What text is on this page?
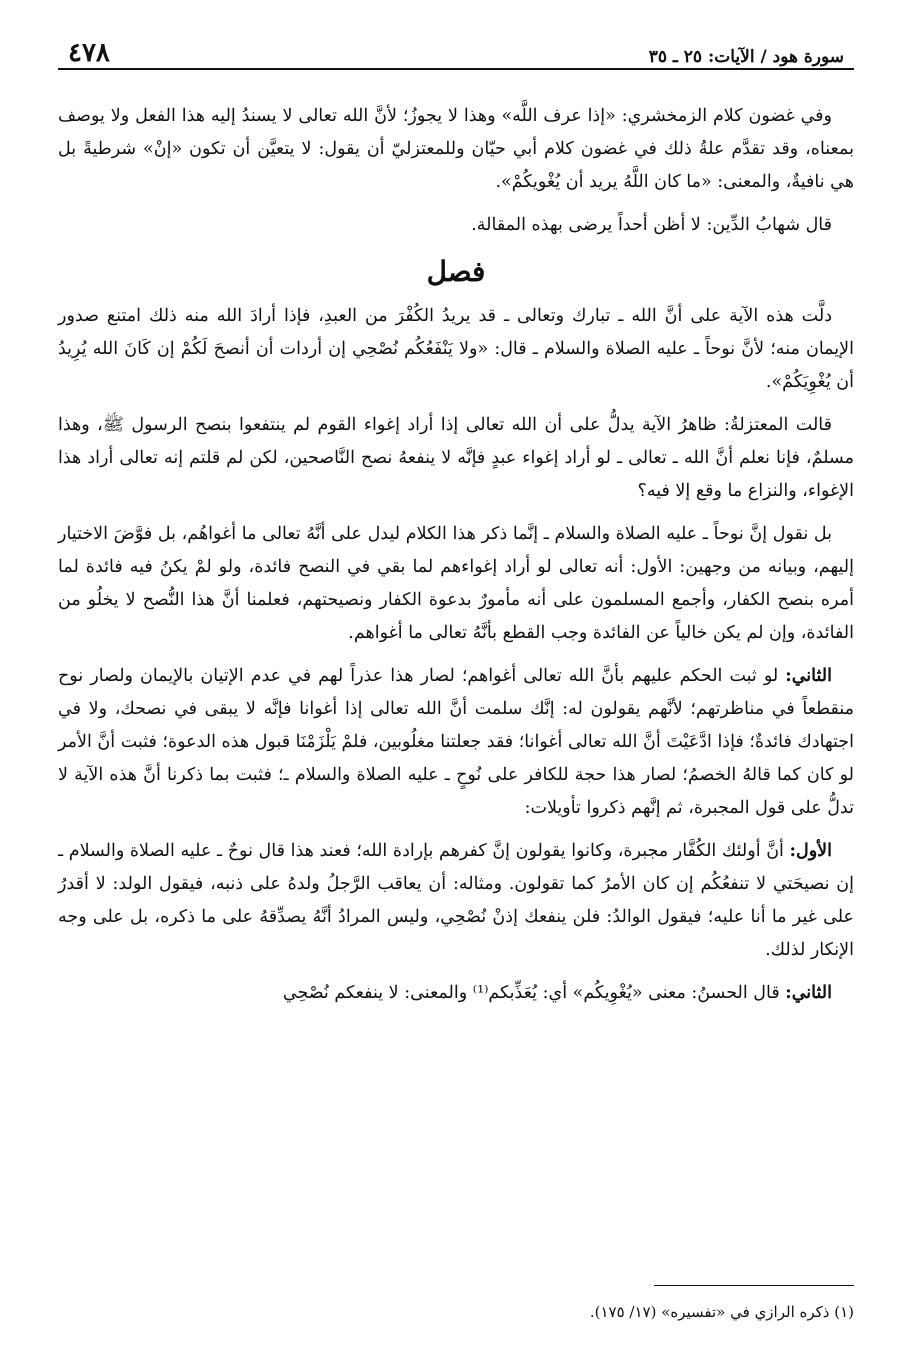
سورة هود / الآيات: ٢٥ ـ ٣٥
٤٧٨

وفي غضون كلام الزمخشري: «إذا عرف اللَّه» وهذا لا يجوزُ؛ لأنَّ الله تعالى لا يسندُ إليه هذا الفعل ولا يوصف بمعناه، وقد تقدَّم علةُ ذلك في غضون كلام أبي حيّان وللمعتزليّ أن يقول: لا يتعيَّن أن تكون «إنْ» شرطيةً بل هي نافيةٌ، والمعنى: «ما كان اللَّهُ يريد أن يُغْويكُمْ».

قال شهابُ الدِّين: لا أظن أحداً يرضى بهذه المقالة.

فصل

دلَّت هذه الآية على أنَّ الله ـ تبارك وتعالى ـ قد يريدُ الكُفْرَ من العبدِ، فإذا أرادَ الله منه ذلك امتنع صدور الإيمان منه؛ لأنَّ نوحاً ـ عليه الصلاة والسلام ـ قال: «ولا يَنْفَعُكُم نُصْحِي إن أردات أن أنصحَ لَكُمْ إن كَانَ الله يُرِيدُ أن يُغْوِيَكُمْ».

قالت المعتزلةُ: ظاهرُ الآية يدلُّ على أن الله تعالى إذا أراد إغواء القوم لم ينتفعوا بنصح الرسول ﷺ، وهذا مسلمٌ، فإنا نعلم أنَّ الله ـ تعالى ـ لو أراد إغواء عبدٍ فإنَّه لا ينفعهُ نصح النَّاصحين، لكن لم قلتم إنه تعالى أراد هذا الإغواء، والنزاع ما وقع إلا فيه؟

بل نقول إنَّ نوحاً ـ عليه الصلاة والسلام ـ إنَّما ذكر هذا الكلام ليدل على أنَّهُ تعالى ما أغواهُم، بل فوَّضَ الاختيار إليهم، وبيانه من وجهين: الأول: أنه تعالى لو أراد إغواءهم لما بقي في النصح فائدة، ولو لمْ يكنُ فيه فائدة لما أمره بنصح الكفار، وأجمع المسلمون على أنه مأمورٌ بدعوة الكفار ونصيحتهم، فعلمنا أنَّ هذا النُّصح لا يخلُو من الفائدة، وإن لم يكن خالياً عن الفائدة وجب القطع بأنَّهُ تعالى ما أغواهم.

الثاني: لو ثبت الحكم عليهم بأنَّ الله تعالى أغواهم؛ لصار هذا عذراً لهم في عدم الإتيان بالإيمان ولصار نوح منقطعاً في مناظرتهم؛ لأنَّهم يقولون له: إنَّك سلمت أنَّ الله تعالى إذا أغوانا فإنَّه لا يبقى في نصحك، ولا في اجتهادك فائدةٌ؛ فإذا ادَّعَيْتَ أنَّ الله تعالى أغوانا؛ فقد جعلتنا مغلُوبين، فلمْ يَلْزَمْنَا قبول هذه الدعوة؛ فثبت أنَّ الأمر لو كان كما قالهُ الخصمُ؛ لصار هذا حجة للكافر على نُوحٍ ـ عليه الصلاة والسلام ـ؛ فثبت بما ذكرنا أنَّ هذه الآية لا تدلُّ على قول المجبرة، ثم إنَّهم ذكروا تأويلات:

الأول: أنَّ أولئك الكُفَّار مجبرة، وكانوا يقولون إنَّ كفرهم بإرادة الله؛ فعند هذا قال نوحٌ ـ عليه الصلاة والسلام ـ إن نصيحَتي لا تنفعُكُم إن كان الأمرُ كما تقولون. ومثاله: أن يعاقب الرَّجلُ ولدهُ على ذنبه، فيقول الولد: لا أقدرُ على غير ما أنا عليه؛ فيقول الوالدُ: فلن ينفعك إذنْ نُصْحِي، وليس المرادُ أنَّهُ يصدِّقهُ على ما ذكره، بل على وجه الإنكار لذلك.

الثاني: قال الحسنُ: معنى «يُغْوِيكُم» أي: يُعَذِّبكم⁽¹⁾ والمعنى: لا ينفعكم نُصْحِي

(١) ذكره الرازي في «تفسيره» (١٧/ ١٧٥).
